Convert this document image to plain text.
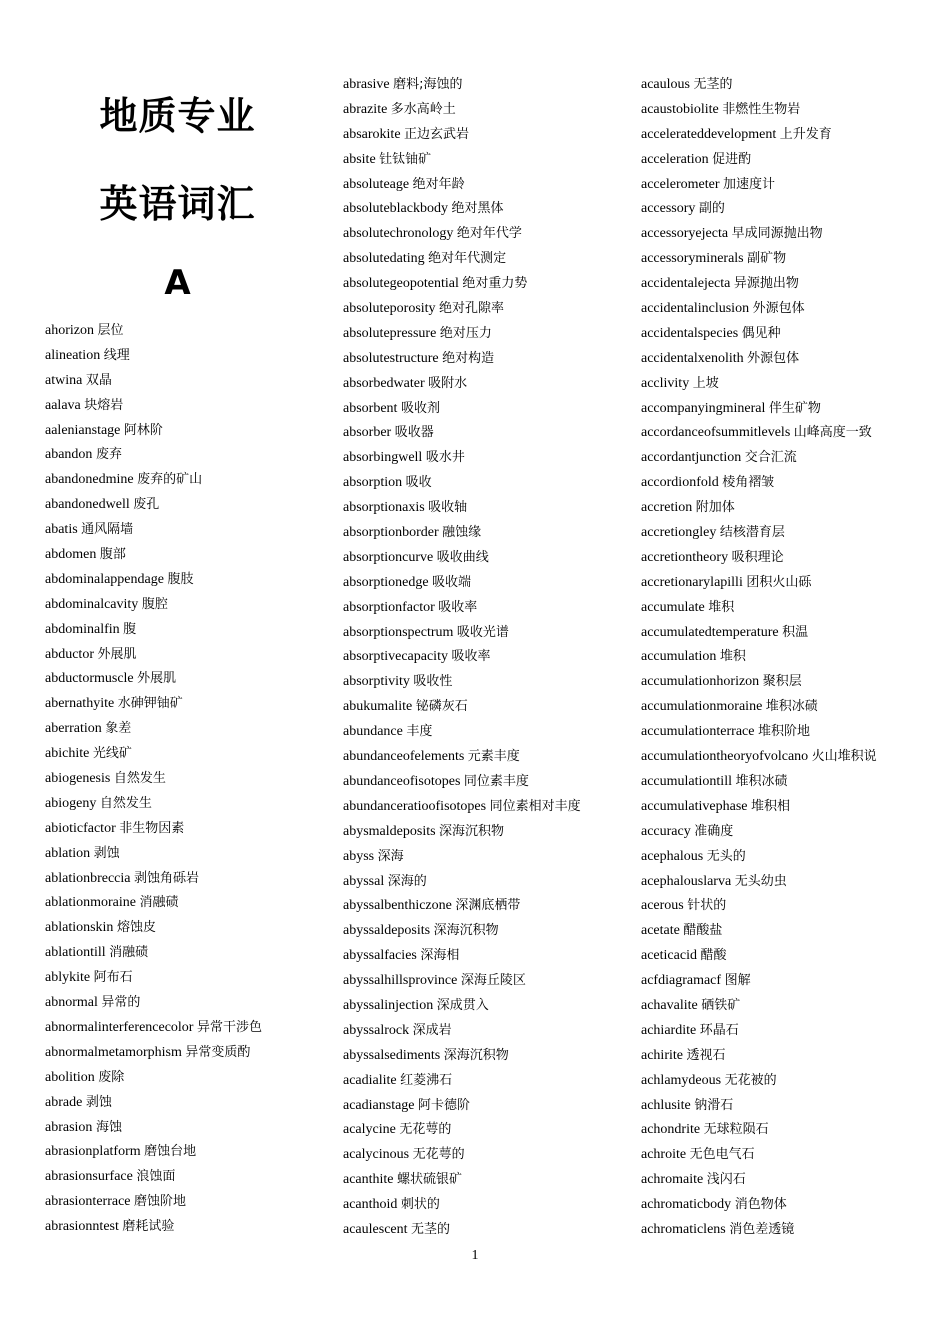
地质专业
英语词汇
A
ahorizon 层位
alineation 线理
atwina 双晶
aalava 块熔岩
aalenianstage 阿林阶
abandon 废弃
abandonedmine 废弃的矿山
abandonedwell 废孔
abatis 通风隔墙
abdomen 腹部
abdominalappendage 腹肢
abdominalcavity 腹腔
abdominalfin 腹
abductor 外展肌
abductormuscle 外展肌
abernathyite 水砷钾铀矿
aberration 象差
abichite 光线矿
abiogenesis 自然发生
abiogeny 自然发生
abioticfactor 非生物因素
ablation 剥蚀
ablationbreccia 剥蚀角砾岩
ablationmoraine 消融碛
ablationskin 熔蚀皮
ablationtill 消融碛
ablykite 阿布石
abnormal 异常的
abnormalinterferencecolor 异常干涉色
abnormalmetamorphism 异常变质酌
abolition 废除
abrade 剥蚀
abrasion 海蚀
abrasionplatform 磨蚀台地
abrasionsurface 浪蚀面
abrasionterrace 磨蚀阶地
abrasionntest 磨耗试验
abrasive 磨料;海蚀的
abrazite 多水高岭土
absarokite 正边玄武岩
absite 钍钛铀矿
absoluteage 绝对年龄
absoluteblackbody 绝对黑体
absolutechronology 绝对年代学
absolutedating 绝对年代测定
absolutegeopotential 绝对重力势
absoluteporosity 绝对孔隙率
absolutepressure 绝对压力
absolutestructure 绝对构造
absorbedwater 吸附水
absorbent 吸收剂
absorber 吸收器
absorbingwell 吸水井
absorption 吸收
absorptionaxis 吸收轴
absorptionborder 融蚀缘
absorptioncurve 吸收曲线
absorptionedge 吸收端
absorptionfactor 吸收率
absorptionspectrum 吸收光谱
absorptivecapacity 吸收率
absorptivity 吸收性
abukumalite 铋磷灰石
abundance 丰度
abundanceofelements 元素丰度
abundanceofisotopes 同位素丰度
abundanceratioofisotopes 同位素相对丰度
abysmaldeposits 深海沉积物
abyss 深海
abyssal 深海的
abyssalbenthiczone 深渊底栖带
abyssaldeposits 深海沉积物
abyssalfacies 深海相
abyssalhillsprovince 深海丘陵区
abyssalinjection 深成贯入
abyssalrock 深成岩
abyssalsediments 深海沉积物
acadialite 红菱沸石
acadianstage 阿卡德阶
acalycine 无花萼的
acalycinous 无花萼的
acanthite 螺状硫银矿
acanthoid 刺状的
acaulescent 无茎的
acaulous 无茎的
acaustobiolite 非燃性生物岩
accelerateddevelopment 上升发育
acceleration 促进酌
accelerometer 加速度计
accessory 副的
accessoryejecta 早成同源抛出物
accessoryminerals 副矿物
accidentalejecta 异源抛出物
accidentalinclusion 外源包体
accidentalspecies 偶见种
accidentalxenolith 外源包体
acclivity 上坡
accompanyingmineral 伴生矿物
accordanceofsummitlevels 山峰高度一致
accordantjunction 交合汇流
accordionfold 棱角褶皱
accretion 附加体
accretiongley 结核潜育层
accretiontheory 吸积理论
accretionarylapilli 团积火山砾
accumulate 堆积
accumulatedtemperature 积温
accumulation 堆积
accumulationhorizon 聚积层
accumulationmoraine 堆积冰碛
accumulationterrace 堆积阶地
accumulationtheoryofvolcano 火山堆积说
accumulationtill 堆积冰碛
accumulativephase 堆积相
accuracy 准确度
acephalous 无头的
acephalouslarva 无头幼虫
acerous 针状的
acetate 醋酸盐
aceticacid 醋酸
acfdiagramacf 图解
achavalite 硒铁矿
achiardite 环晶石
achirite 透视石
achlamydeous 无花被的
achlusite 钠滑石
achondrite 无球粒陨石
achroite 无色电气石
achromaite 浅闪石
achromaticbody 消色物体
achromaticlens 消色差透镜
1
